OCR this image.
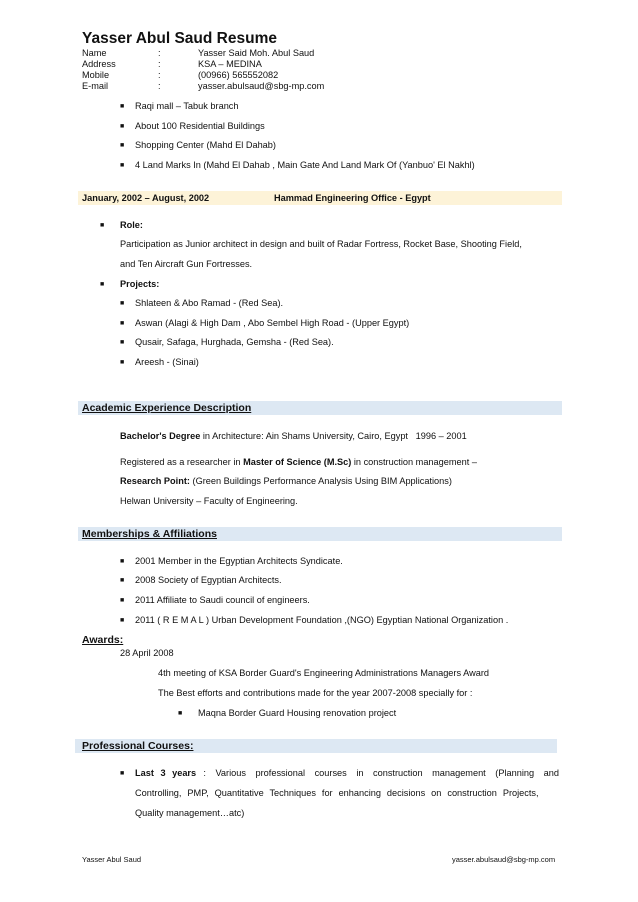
Yasser Abul Saud Resume
Name	:	Yasser Said Moh. Abul Saud
Address	:	KSA – MEDINA
Mobile	:	(00966) 565552082
E-mail	:	yasser.abulsaud@sbg-mp.com
■ Raqi mall – Tabuk branch
■ About 100 Residential Buildings
■ Shopping Center (Mahd El Dahab)
■ 4 Land Marks In (Mahd El Dahab , Main Gate And Land Mark Of (Yanbuo' El Nakhl)
January, 2002 – August, 2002	Hammad Engineering Office - Egypt
■ Role:
Participation as Junior architect in design and built of Radar Fortress, Rocket Base, Shooting Field,
and Ten Aircraft Gun Fortresses.
■ Projects:
■ Shlateen & Abo Ramad - (Red Sea).
■ Aswan (Alagi & High Dam , Abo Sembel High Road - (Upper Egypt)
■ Qusair, Safaga, Hurghada, Gemsha - (Red Sea).
■ Areesh - (Sinai)
Academic Experience Description
Bachelor's Degree in Architecture: Ain Shams University, Cairo, Egypt   1996 – 2001
Registered as a researcher in Master of Science (M.Sc) in construction management –
Research Point: (Green Buildings Performance Analysis Using BIM Applications)
Helwan University – Faculty of Engineering.
Memberships & Affiliations
■ 2001 Member in the Egyptian Architects Syndicate.
■ 2008 Society of Egyptian Architects.
■ 2011 Affiliate to Saudi council of engineers.
■ 2011 ( R E M A L ) Urban Development Foundation ,(NGO) Egyptian National Organization .
Awards:
28 April 2008
4th meeting of KSA Border Guard's Engineering Administrations Managers Award
The Best efforts and contributions made for the year 2007-2008 specially for :
■ Maqna Border Guard Housing renovation project
Professional Courses:
■ Last 3 years : Various professional courses in construction management (Planning and
Controlling, PMP, Quantitative Techniques for enhancing decisions on construction Projects,
Quality management…atc)
Yasser Abul Saud	yasser.abulsaud@sbg-mp.com
